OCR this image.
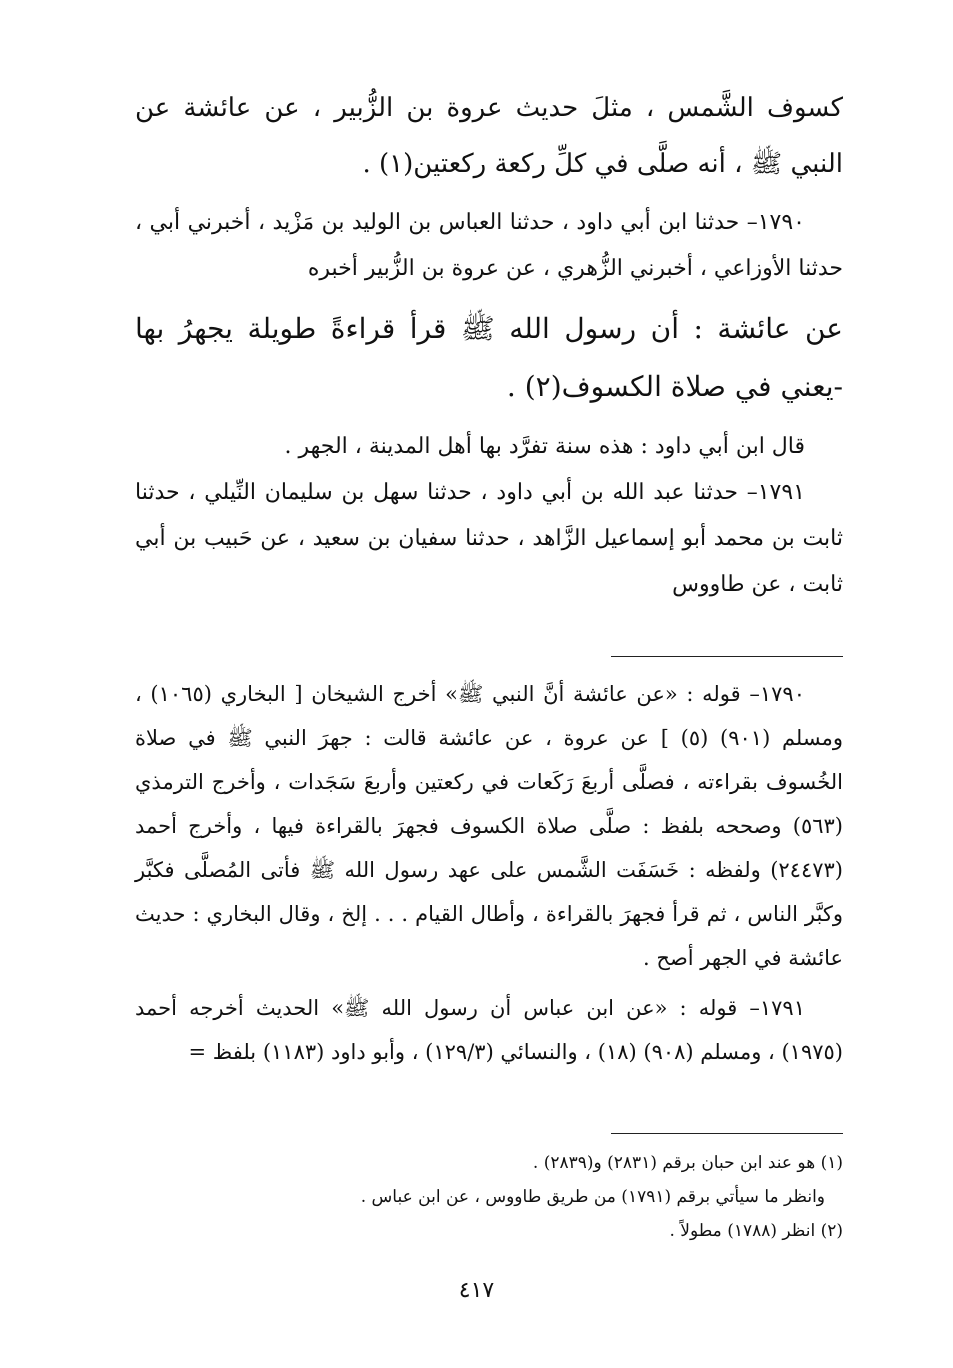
كسوف الشَّمس ، مثلَ حديث عروة بن الزُّبير ، عن عائشة عن النبي ﷺ ، أنه صلَّى في كلِّ ركعة ركعتين(١) .

١٧٩٠– حدثنا ابن أبي داود ، حدثنا العباس بن الوليد بن مَزْيد ، أخبرني أبي ، حدثنا الأوزاعي ، أخبرني الزُّهري ، عن عروة بن الزُّبير أخبره

عن عائشة : أن رسول الله ﷺ قرأ قراءةً طويلة يجهرُ بها -يعني في صلاة الكسوف(٢) .

قال ابن أبي داود : هذه سنة تفرَّد بها أهل المدينة ، الجهر .

١٧٩١– حدثنا عبد الله بن أبي داود ، حدثنا سهل بن سليمان النِّيلي ، حدثنا ثابت بن محمد أبو إسماعيل الزَّاهد ، حدثنا سفيان بن سعيد ، عن حَبيب بن أبي ثابت ، عن طاووس

١٧٩٠– قوله : «عن عائشة أنَّ النبي ﷺ» أخرج الشيخان [ البخاري (١٠٦٥) ، ومسلم (٩٠١) (٥) ] عن عروة ، عن عائشة قالت : جهرَ النبي ﷺ في صلاة الخُسوف بقراءته ، فصلَّى أربعَ رَكَعات في ركعتين وأربعَ سَجَدات ، وأخرج الترمذي (٥٦٣) وصححه بلفظ : صلَّى صلاة الكسوف فجهرَ بالقراءة فيها ، وأخرج أحمد (٢٤٤٧٣) ولفظه : خَسَفَت الشَّمس على عهد رسول الله ﷺ فأتى المُصلَّى فكبَّر وكبَّر الناس ، ثم قرأ فجهرَ بالقراءة ، وأطال القيام . . . إلخ ، وقال البخاري : حديث عائشة في الجهر أصح .

١٧٩١– قوله : «عن ابن عباس أن رسول الله ﷺ» الحديث أخرجه أحمد (١٩٧٥) ، ومسلم (٩٠٨) (١٨) ، والنسائي (١٢٩/٣) ، وأبو داود (١١٨٣) بلفظ =

(١) هو عند ابن حبان برقم (٢٨٣١) و(٢٨٣٩) .
وانظر ما سيأتي برقم (١٧٩١) من طريق طاووس ، عن ابن عباس .
(٢) انظر (١٧٨٨) مطولاً .
٤١٧
